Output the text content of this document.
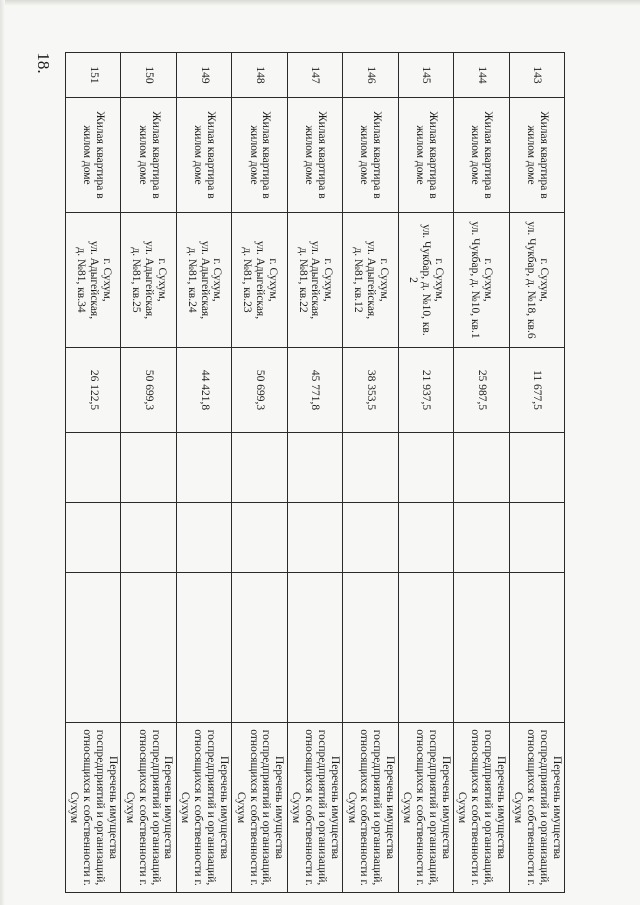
18.
143	Жилая квартира в жилом доме	г. Сухум,
ул. Чукбар, д. №18, кв.6	11 677,5				Перечень имущества госпредприятий и организаций, относящихся к собственности г. Сухум
144	Жилая квартира в жилом доме	г. Сухум,
ул. Чукбар, д. №10, кв.1	25 987,5				Перечень имущества госпредприятий и организаций, относящихся к собственности г. Сухум
145	Жилая квартира в жилом доме	г. Сухум,
ул. Чукбар, д. №10, кв.
2	21 937,5				Перечень имущества госпредприятий и организаций, относящихся к собственности г. Сухум
146	Жилая квартира в жилом доме	г. Сухум,
ул. Адыгейская,
д. №81, кв.12	38 353,5				Перечень имущества госпредприятий и организаций, относящихся к собственности г. Сухум
147	Жилая квартира в жилом доме	г. Сухум,
ул. Адыгейская,
д. №81, кв.22	45 771,8				Перечень имущества госпредприятий и организаций, относящихся к собственности г. Сухум
148	Жилая квартира в жилом доме	г. Сухум,
ул. Адыгейская,
д. №81, кв.23	50 699,3				Перечень имущества госпредприятий и организаций, относящихся к собственности г. Сухум
149	Жилая квартира в жилом доме	г. Сухум,
ул. Адыгейская,
д. №81, кв.24	44 421,8				Перечень имущества госпредприятий и организаций, относящихся к собственности г. Сухум
150	Жилая квартира в жилом доме	г. Сухум,
ул. Адыгейская,
д. №81, кв.25	50 699,3				Перечень имущества госпредприятий и организаций, относящихся к собственности г. Сухум
151	Жилая квартира в жилом доме	г. Сухум,
ул. Адыгейская,
д. №81, кв.34	26 122,5				Перечень имущества госпредприятий и организаций, относящихся к собственности г. Сухум
